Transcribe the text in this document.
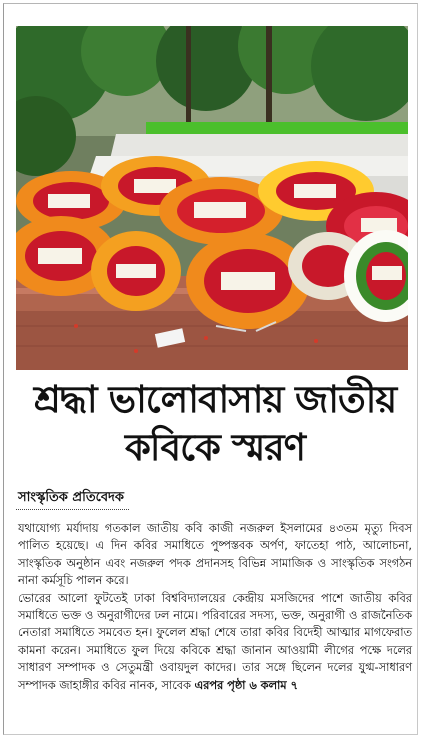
শ্রদ্ধা ভালোবাসায় জাতীয়
কবিকে স্মরণ
সাংস্কৃতিক প্রতিবেদক

যথাযোগ্য মর্যাদায় গতকাল জাতীয় কবি কাজী নজরুল ইসলামের ৪৩তম মৃত্যু দিবস পালিত হয়েছে। এ দিন কবির সমাধিতে পুষ্পস্তবক অর্পণ, ফাতেহা পাঠ, আলোচনা, সাংস্কৃতিক অনুষ্ঠান এবং নজরুল পদক প্রদানসহ বিভিন্ন সামাজিক ও সাংস্কৃতিক সংগঠন নানা কর্মসূচি পালন করে।

ভোরের আলো ফুটতেই ঢাকা বিশ্ববিদ্যালয়ের কেন্দ্রীয় মসজিদের পাশে জাতীয় কবির সমাধিতে ভক্ত ও অনুরাগীদের ঢল নামে। পরিবারের সদস্য, ভক্ত, অনুরাগী ও রাজনৈতিক নেতারা সমাধিতে সমবেত হন। ফুলেল শ্রদ্ধা শেষে তারা কবির বিদেহী আত্মার মাগফেরাত কামনা করেন। সমাধিতে ফুল দিয়ে কবিকে শ্রদ্ধা জানান আওয়ামী লীগের পক্ষে দলের সাধারণ সম্পাদক ও সেতুমন্ত্রী ওবায়দুল কাদের। তার সঙ্গে ছিলেন দলের যুগ্ম-সাধারণ সম্পাদক জাহাঙ্গীর কবির নানক, সাবেক এরপর পৃষ্ঠা ৬ কলাম ৭
